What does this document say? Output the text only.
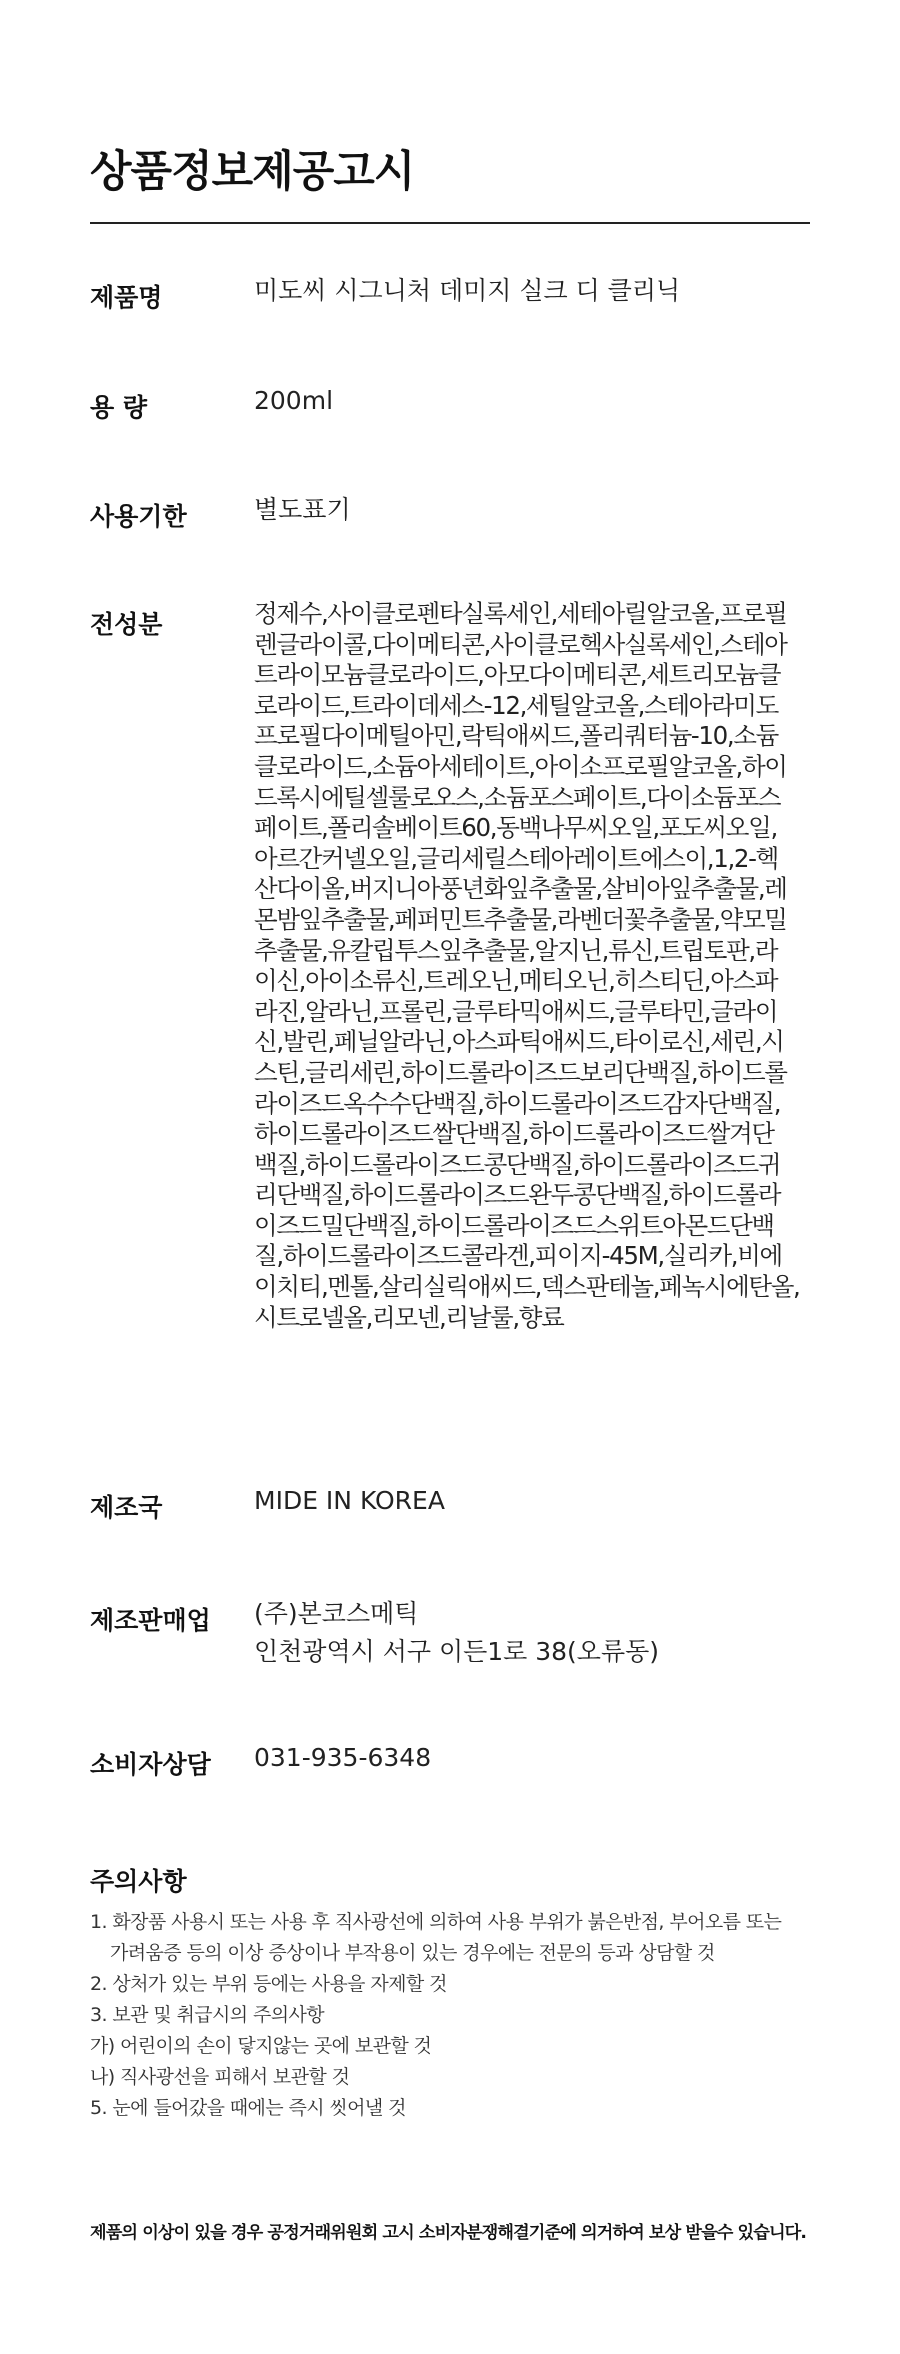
상품정보제공고시
제품명	미도씨 시그니처 데미지 실크 디 클리닉

용 량	200ml

사용기한	별도표기

전성분	정제수,사이클로펜타실록세인,세테아릴알코올,프로필

렌글라이콜,다이메티콘,사이클로헥사실록세인,스테아

트라이모늄클로라이드,아모다이메티콘,세트리모늄클

로라이드,트라이데세스-12,세틸알코올,스테아라미도

프로필다이메틸아민,락틱애씨드,폴리쿼터늄-10,소듐

클로라이드,소듐아세테이트,아이소프로필알코올,하이

드록시에틸셀룰로오스,소듐포스페이트,다이소듐포스

페이트,폴리솔베이트60,동백나무씨오일,포도씨오일,

아르간커넬오일,글리세릴스테아레이트에스이,1,2-헥

산다이올,버지니아풍년화잎추출물,살비아잎추출물,레

몬밤잎추출물,페퍼민트추출물,라벤더꽃추출물,약모밀

추출물,유칼립투스잎추출물,알지닌,류신,트립토판,라

이신,아이소류신,트레오닌,메티오닌,히스티딘,아스파

라진,알라닌,프롤린,글루타믹애씨드,글루타민,글라이

신,발린,페닐알라닌,아스파틱애씨드,타이로신,세린,시

스틴,글리세린,하이드롤라이즈드보리단백질,하이드롤

라이즈드옥수수단백질,하이드롤라이즈드감자단백질,

하이드롤라이즈드쌀단백질,하이드롤라이즈드쌀겨단

백질,하이드롤라이즈드콩단백질,하이드롤라이즈드귀

리단백질,하이드롤라이즈드완두콩단백질,하이드롤라

이즈드밀단백질,하이드롤라이즈드스위트아몬드단백

질,하이드롤라이즈드콜라겐,피이지-45M,실리카,비에

이치티,멘톨,살리실릭애씨드,덱스판테놀,페녹시에탄올,

시트로넬올,리모넨,리날룰,향료

제조국	MIDE IN KOREA

제조판매업 (주)본코스메틱

인천광역시 서구 이든1로 38(오류동)

소비자상담 031-935-6348

주의사항
1. 화장품 사용시 또는 사용 후 직사광선에 의하여 사용 부위가 붉은반점, 부어오름 또는
가려움증 등의 이상 증상이나 부작용이 있는 경우에는 전문의 등과 상담할 것
2. 상처가 있는 부위 등에는 사용을 자제할 것
3. 보관 및 취급시의 주의사항
가) 어린이의 손이 닿지않는 곳에 보관할 것
나) 직사광선을 피해서 보관할 것
5. 눈에 들어갔을 때에는 즉시 씻어낼 것

제품의 이상이 있을 경우 공정거래위원회 고시 소비자분쟁해결기준에 의거하여 보상 받을수 있습니다.
